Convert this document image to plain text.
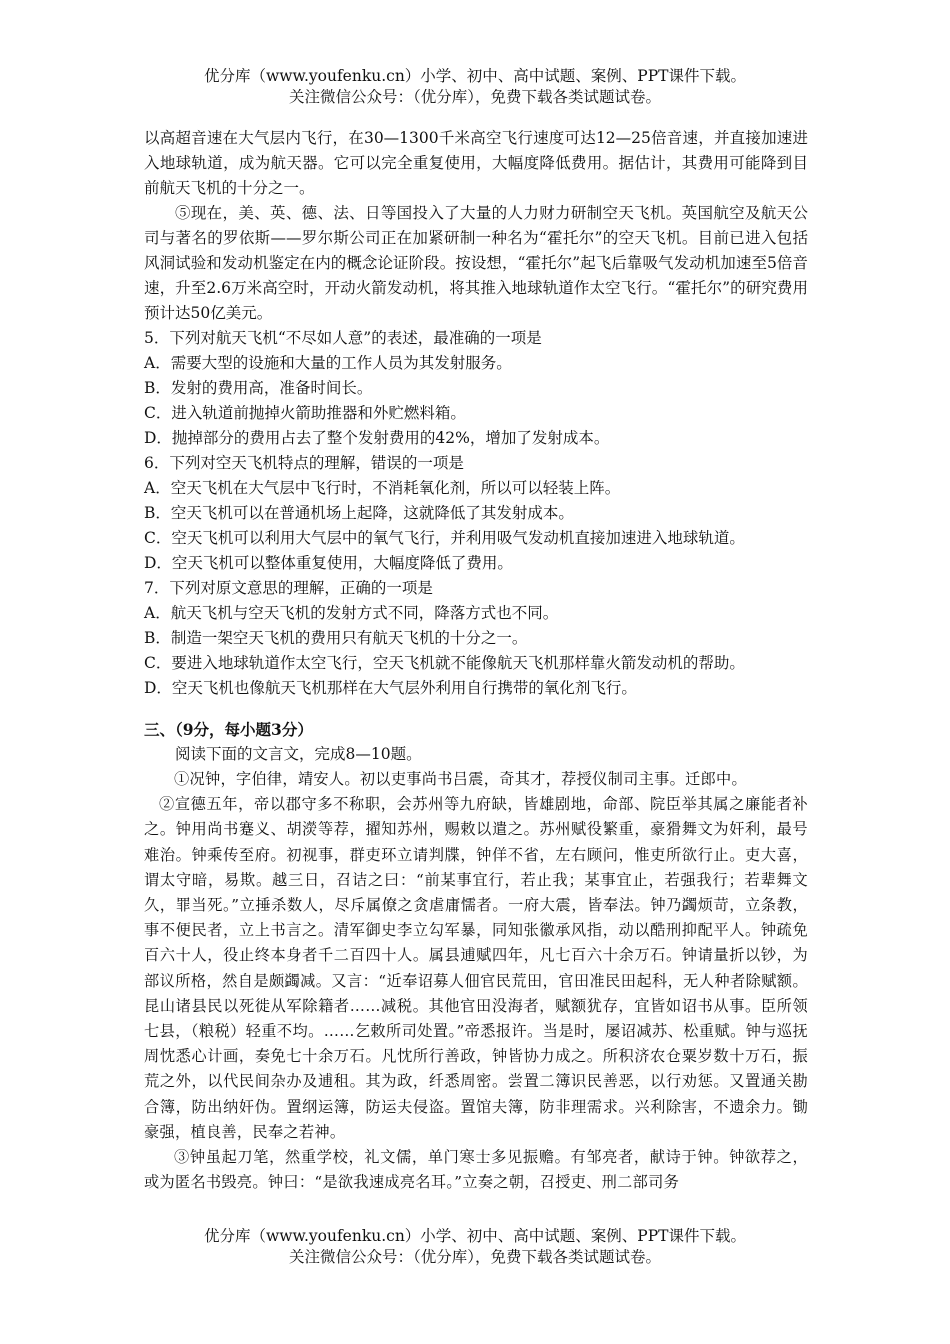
优分库（www.youfenku.cn）小学、初中、高中试题、案例、PPT课件下载。
关注微信公众号：（优分库），免费下载各类试题试卷。

以高超音速在大气层内飞行，在30—1300千米高空飞行速度可达12—25倍音速，并直接加速进入地球轨道，成为航天器。它可以完全重复使用，大幅度降低费用。据估计，其费用可能降到目前航天飞机的十分之一。

⑤现在，美、英、德、法、日等国投入了大量的人力财力研制空天飞机。英国航空及航天公司与著名的罗依斯——罗尔斯公司正在加紧研制一种名为“霍托尔”的空天飞机。目前已进入包括风洞试验和发动机鉴定在内的概念论证阶段。按设想，“霍托尔”起飞后靠吸气发动机加速至5倍音速，升至2.6万米高空时，开动火箭发动机，将其推入地球轨道作太空飞行。“霍托尔”的研究费用预计达50亿美元。

5．下列对航天飞机“不尽如人意”的表述，最准确的一项是

A．需要大型的设施和大量的工作人员为其发射服务。

B．发射的费用高，准备时间长。

C．进入轨道前抛掉火箭助推器和外贮燃料箱。

D．抛掉部分的费用占去了整个发射费用的42%，增加了发射成本。

6．下列对空天飞机特点的理解，错误的一项是

A．空天飞机在大气层中飞行时，不消耗氧化剂，所以可以轻装上阵。

B．空天飞机可以在普通机场上起降，这就降低了其发射成本。

C．空天飞机可以利用大气层中的氧气飞行，并利用吸气发动机直接加速进入地球轨道。

D．空天飞机可以整体重复使用，大幅度降低了费用。

7．下列对原文意思的理解，正确的一项是

A．航天飞机与空天飞机的发射方式不同，降落方式也不同。

B．制造一架空天飞机的费用只有航天飞机的十分之一。

C．要进入地球轨道作太空飞行，空天飞机就不能像航天飞机那样靠火箭发动机的帮助。

D．空天飞机也像航天飞机那样在大气层外利用自行携带的氧化剂飞行。

三、（9分，每小题3分）

阅读下面的文言文，完成8—10题。

①况钟，字伯律，靖安人。初以吏事尚书吕震，奇其才，荐授仪制司主事。迁郎中。

②宣德五年，帝以郡守多不称职，会苏州等九府缺，皆雄剧地，命部、院臣举其属之廉能者补之。钟用尚书蹇义、胡濙等荐，擢知苏州，赐敕以遣之。苏州赋役繁重，豪猾舞文为奸利，最号难治。钟乘传至府。初视事，群吏环立请判牒，钟佯不省，左右顾问，惟吏所欲行止。吏大喜，谓太守暗，易欺。越三日，召诘之曰：“前某事宜行，若止我；某事宜止，若强我行；若辈舞文久，罪当死。”立捶杀数人，尽斥属僚之贪虐庸懦者。一府大震，皆奉法。钟乃蠲烦苛，立条教，事不便民者，立上书言之。清军御史李立勾军暴，同知张徽承风指，动以酷刑抑配平人。钟疏免百六十人，役止终本身者千二百四十人。属县逋赋四年，凡七百六十余万石。钟请量折以钞，为部议所格，然自是颇蠲减。又言：“近奉诏募人佃官民荒田，官田准民田起科，无人种者除赋额。昆山诸县民以死徙从军除籍者……减税。其他官田没海者，赋额犹存，宜皆如诏书从事。臣所领七县，（粮税）轻重不均。……乞敕所司处置。”帝悉报许。当是时，屡诏减苏、松重赋。钟与巡抚周忱悉心计画，奏免七十余万石。凡忱所行善政，钟皆协力成之。所积济农仓粟岁数十万石，振荒之外，以代民间杂办及逋租。其为政，纤悉周密。尝置二簿识民善恶，以行劝惩。又置通关勘合簿，防出纳奸伪。置纲运簿，防运夫侵盗。置馆夫簿，防非理需求。兴利除害，不遗余力。锄豪强，植良善，民奉之若神。

③钟虽起刀笔，然重学校，礼文儒，单门寒士多见振赡。有邹亮者，献诗于钟。钟欲荐之，或为匿名书毁亮。钟曰：“是欲我速成亮名耳。”立奏之朝，召授吏、刑二部司务

优分库（www.youfenku.cn）小学、初中、高中试题、案例、PPT课件下载。
关注微信公众号：（优分库），免费下载各类试题试卷。
